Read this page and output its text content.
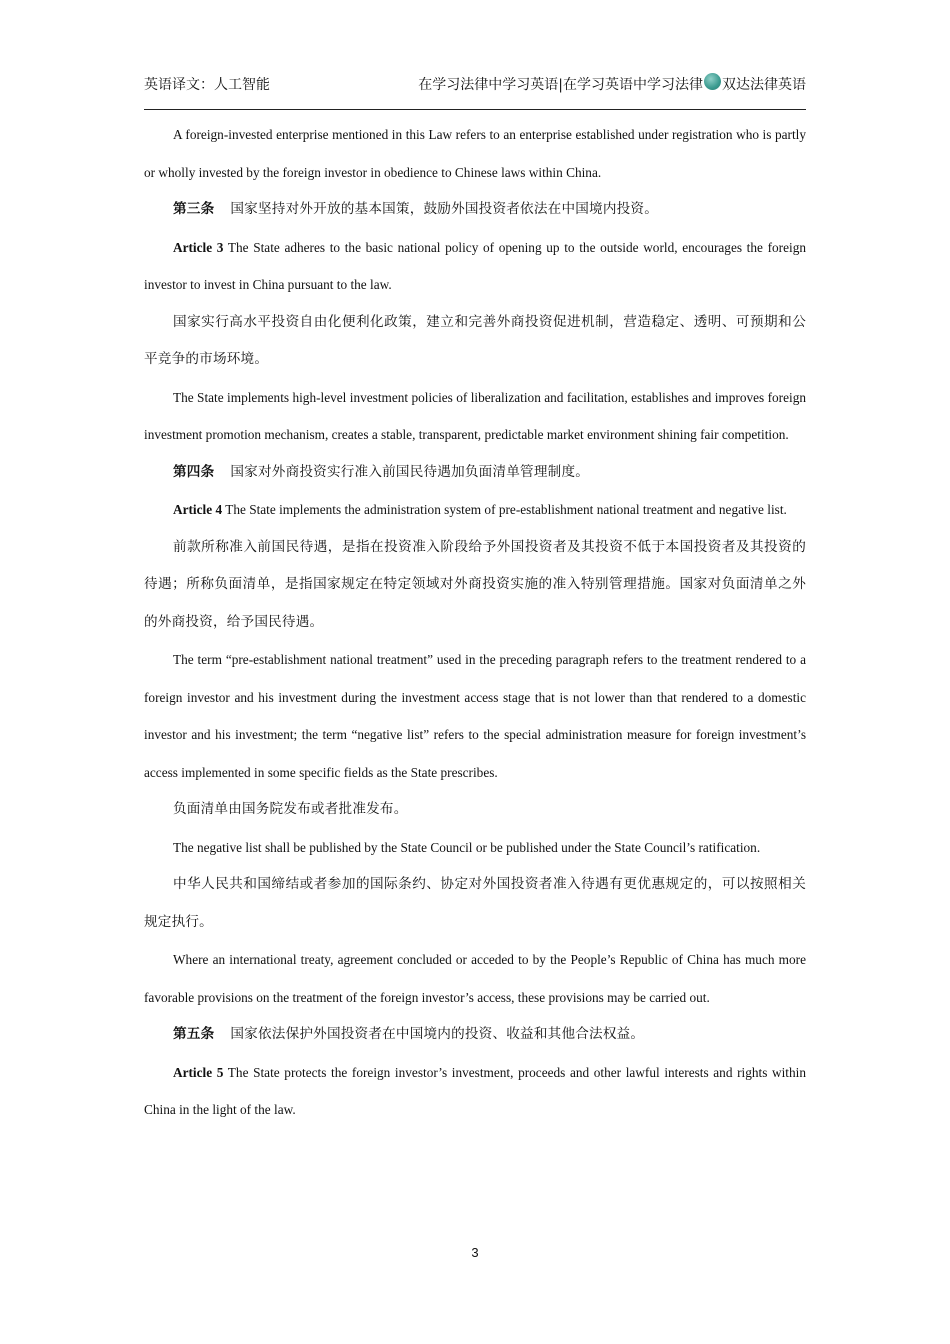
英语译文：人工智能	在学习法律中学习英语|在学习英语中学习法律 双达法律英语

A foreign-invested enterprise mentioned in this Law refers to an enterprise established under registration who is partly or wholly invested by the foreign investor in obedience to Chinese laws within China.

第三条 国家坚持对外开放的基本国策，鼓励外国投资者依法在中国境内投资。

Article 3 The State adheres to the basic national policy of opening up to the outside world, encourages the foreign investor to invest in China pursuant to the law.

国家实行高水平投资自由化便利化政策，建立和完善外商投资促进机制，营造稳定、透明、可预期和公平竞争的市场环境。

The State implements high-level investment policies of liberalization and facilitation, establishes and improves foreign investment promotion mechanism, creates a stable, transparent, predictable market environment shining fair competition.

第四条 国家对外商投资实行准入前国民待遇加负面清单管理制度。

Article 4 The State implements the administration system of pre-establishment national treatment and negative list.

前款所称准入前国民待遇，是指在投资准入阶段给予外国投资者及其投资不低于本国投资者及其投资的待遇；所称负面清单，是指国家规定在特定领域对外商投资实施的准入特别管理措施。国家对负面清单之外的外商投资，给予国民待遇。

The term “pre-establishment national treatment” used in the preceding paragraph refers to the treatment rendered to a foreign investor and his investment during the investment access stage that is not lower than that rendered to a domestic investor and his investment; the term “negative list” refers to the special administration measure for foreign investment’s access implemented in some specific fields as the State prescribes.

负面清单由国务院发布或者批准发布。

The negative list shall be published by the State Council or be published under the State Council’s ratification.

中华人民共和国缔结或者参加的国际条约、协定对外国投资者准入待遇有更优惠规定的，可以按照相关规定执行。

Where an international treaty, agreement concluded or acceded to by the People’s Republic of China has much more favorable provisions on the treatment of the foreign investor’s access, these provisions may be carried out.

第五条 国家依法保护外国投资者在中国境内的投资、收益和其他合法权益。

Article 5 The State protects the foreign investor’s investment, proceeds and other lawful interests and rights within China in the light of the law.

3
